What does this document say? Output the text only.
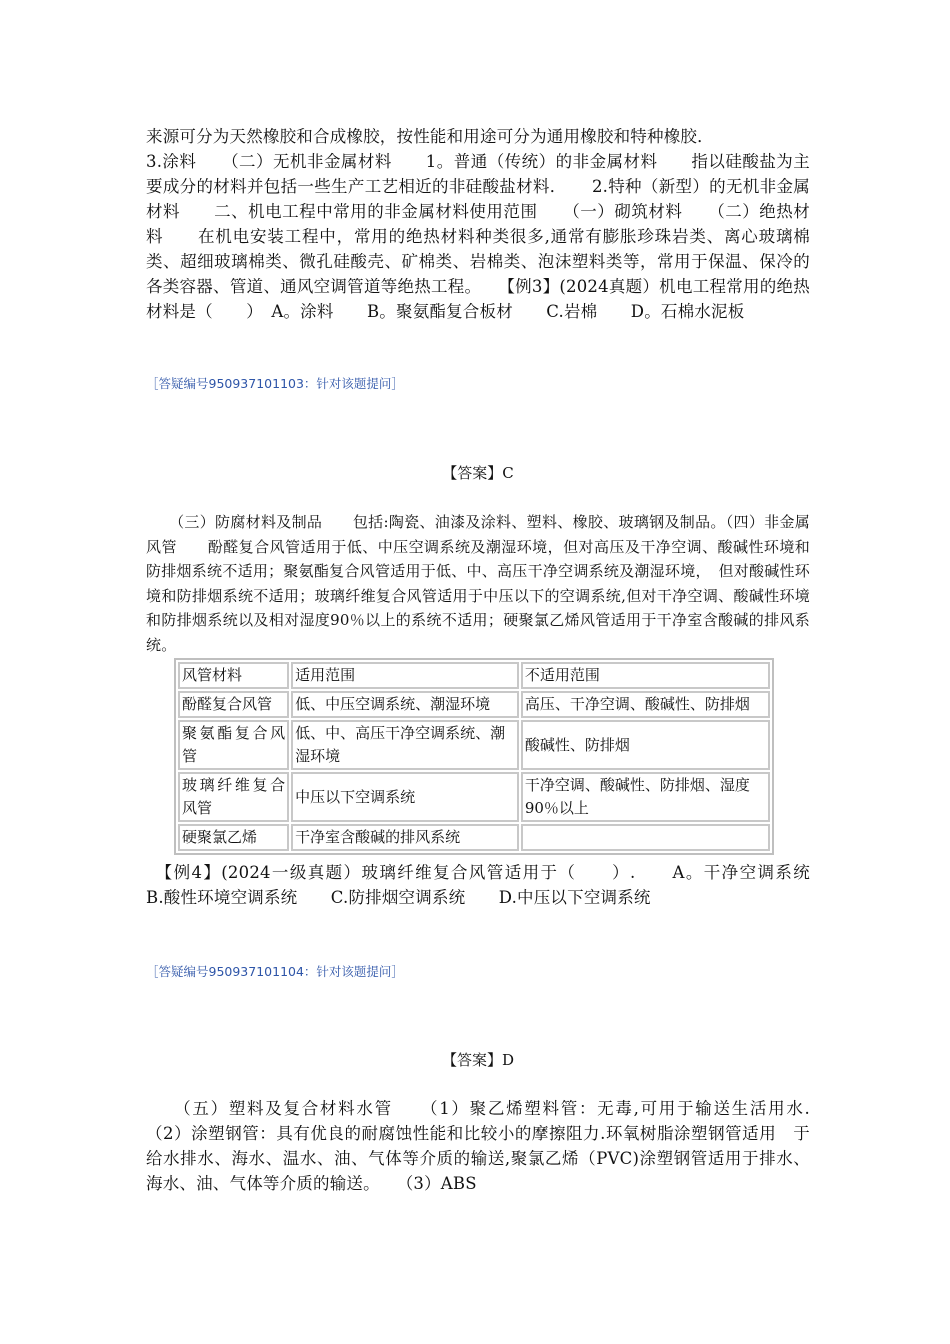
来源可分为天然橡胶和合成橡胶，按性能和用途可分为通用橡胶和特种橡胶．
3.涂料　　（二）无机非金属材料　　1。普通（传统）的非金属材料　　指以硅酸盐为主要成分的材料并包括一些生产工艺相近的非硅酸盐材料．　　2.特种（新型）的无机非金属材料　　二、机电工程中常用的非金属材料使用范围　　（一）砌筑材料　　（二）绝热材料　　在机电安装工程中，常用的绝热材料种类很多,通常有膨胀珍珠岩类、离心玻璃棉类、超细玻璃棉类、微孔硅酸壳、矿棉类、岩棉类、泡沫塑料类等，常用于保温、保冷的各类容器、管道、通风空调管道等绝热工程。　　【例3】(2024真题）机电工程常用的绝热材料是（　　）　A。涂料　　B。聚氨酯复合板材　　C.岩棉　　D。石棉水泥板

［答疑编号950937101103：针对该题提问］
【答案】C

　　（三）防腐材料及制品　　包括:陶瓷、油漆及涂料、塑料、橡胶、玻璃钢及制品。（四）非金属风管　　酚醛复合风管适用于低、中压空调系统及潮湿环境，但对高压及干净空调、酸碱性环境和防排烟系统不适用；聚氨酯复合风管适用于低、中、高压干净空调系统及潮湿环境，　但对酸碱性环境和防排烟系统不适用；玻璃纤维复合风管适用于中压以下的空调系统,但对干净空调、酸碱性环境和防排烟系统以及相对湿度90％以上的系统不适用；硬聚氯乙烯风管适用于干净室含酸碱的排风系统。

风管材料	适用范围	不适用范围
酚醛复合风管	低、中压空调系统、潮湿环境	高压、干净空调、酸碱性、防排烟
聚氨酯复合风管	低、中、高压干净空调系统、潮湿环境	酸碱性、防排烟
玻璃纤维复合风管	中压以下空调系统	干净空调、酸碱性、防排烟、湿度90％以上
硬聚氯乙烯	干净室含酸碱的排风系统	

　【例4】(2024一级真题）玻璃纤维复合风管适用于（　　）.　　A。干净空调系统　　B.酸性环境空调系统　　C.防排烟空调系统　　D.中压以下空调系统

［答疑编号950937101104：针对该题提问］
【答案】D

　　（五）塑料及复合材料水管　　（1）聚乙烯塑料管：无毒,可用于输送生活用水.　　（2）涂塑钢管：具有优良的耐腐蚀性能和比较小的摩擦阻力.环氧树脂涂塑钢管适用　于给水排水、海水、温水、油、气体等介质的输送,聚氯乙烯（PVC)涂塑钢管适用于排水、海水、油、气体等介质的输送。　　（3）ABS
